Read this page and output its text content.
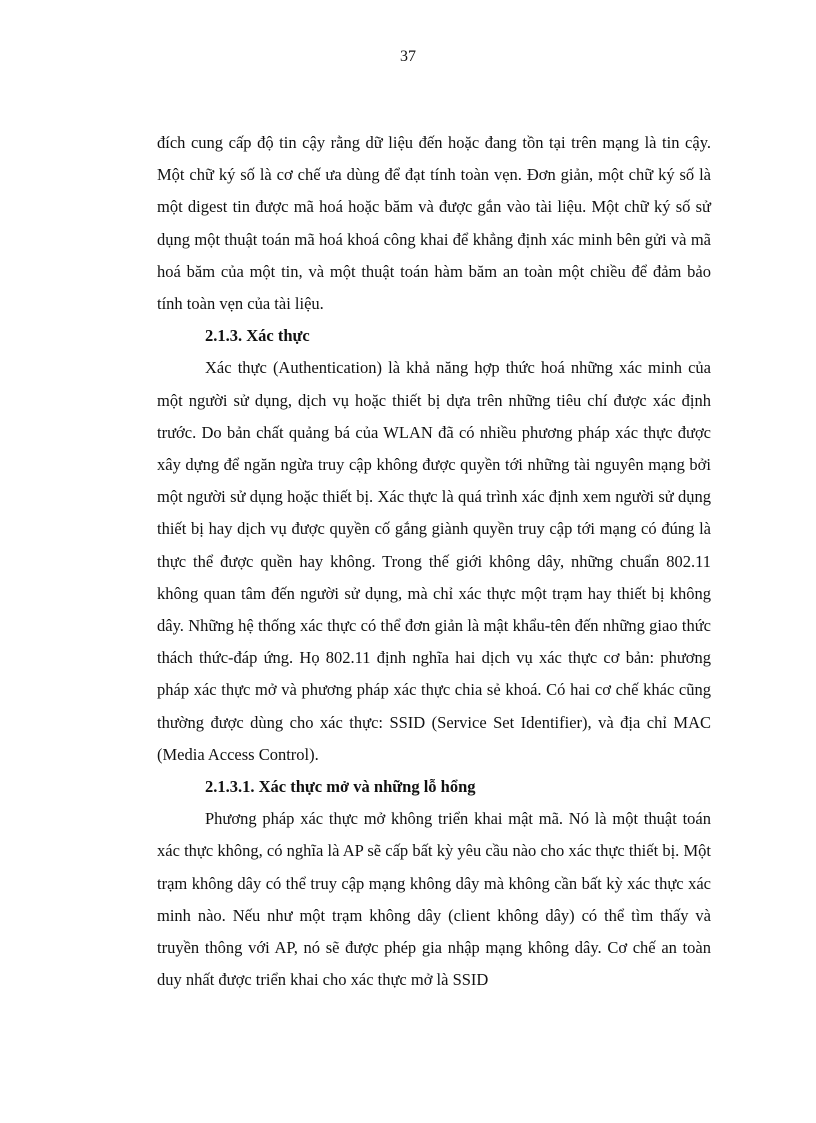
37

đích cung cấp độ tin cậy rằng dữ liệu đến hoặc đang tồn tại trên mạng là tin cậy. Một chữ ký số là cơ chế ưa dùng để đạt tính toàn vẹn. Đơn giản, một chữ ký số là một digest tin được mã hoá hoặc băm và được gắn vào tài liệu. Một chữ ký số sử dụng một thuật toán mã hoá khoá công khai để khẳng định xác minh bên gửi và mã hoá băm của một tin, và một thuật toán hàm băm an toàn một chiều để đảm bảo tính toàn vẹn của tài liệu.

2.1.3. Xác thực

Xác thực (Authentication) là khả năng hợp thức hoá những xác minh của một người sử dụng, dịch vụ hoặc thiết bị dựa trên những tiêu chí được xác định trước. Do bản chất quảng bá của WLAN đã có nhiều phương pháp xác thực được xây dựng để ngăn ngừa truy cập không được quyền tới những tài nguyên mạng bởi một người sử dụng hoặc thiết bị. Xác thực là quá trình xác định xem người sử dụng thiết bị hay dịch vụ được quyền cố gắng giành quyền truy cập tới mạng có đúng là thực thể được quền hay không. Trong thế giới không dây, những chuẩn 802.11 không quan tâm đến người sử dụng, mà chỉ xác thực một trạm hay thiết bị không dây. Những hệ thống xác thực có thể đơn giản là mật khẩu-tên đến những giao thức thách thức-đáp ứng. Họ 802.11 định nghĩa hai dịch vụ xác thực cơ bản: phương pháp xác thực mở và phương pháp xác thực chia sẻ khoá. Có hai cơ chế khác cũng thường được dùng cho xác thực: SSID (Service Set Identifier), và địa chỉ MAC (Media Access Control).

2.1.3.1. Xác thực mở và những lỗ hổng

Phương pháp xác thực mở không triển khai mật mã. Nó là một thuật toán xác thực không, có nghĩa là AP sẽ cấp bất kỳ yêu cầu nào cho xác thực thiết bị. Một trạm không dây có thể truy cập mạng không dây mà không cần bất kỳ xác thực xác minh nào. Nếu như một trạm không dây (client không dây) có thể tìm thấy và truyền thông với AP, nó sẽ được phép gia nhập mạng không dây. Cơ chế an toàn duy nhất được triển khai cho xác thực mở là SSID
